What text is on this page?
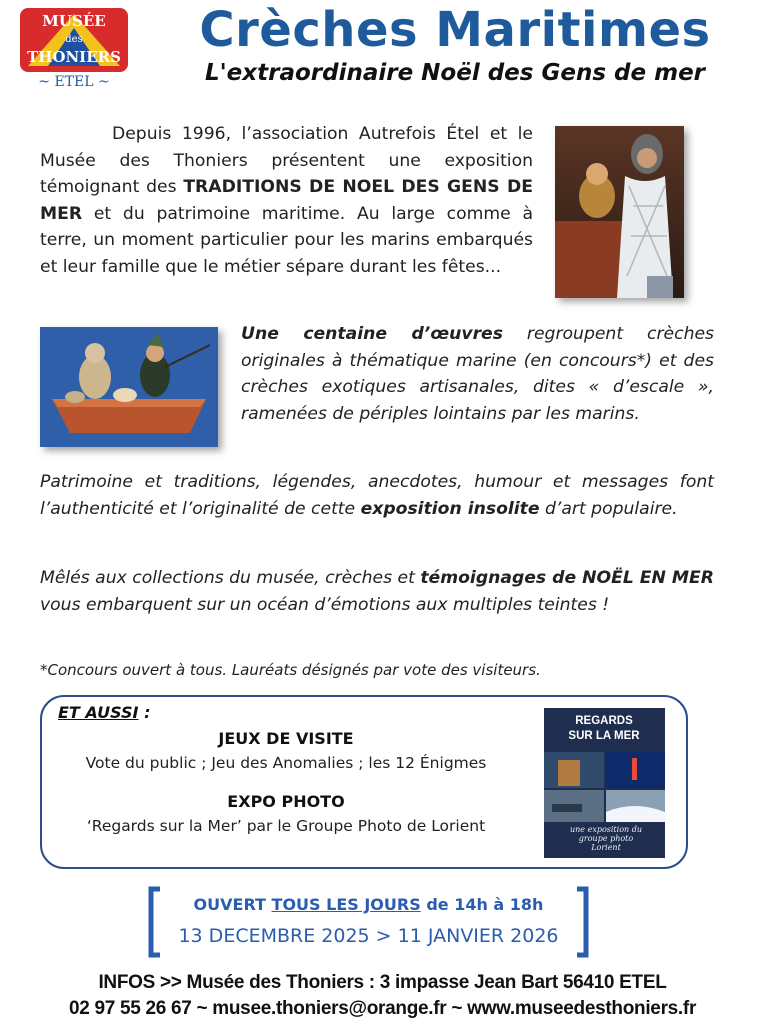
MUSÉE
des
THONIERS
~ ETEL ~
Crèches Maritimes
L'extraordinaire Noël des Gens de mer
Depuis 1996, l’association Autrefois Étel et le Musée des Thoniers présentent une exposition témoignant des TRADITIONS DE NOEL DES GENS DE MER et du patrimoine maritime. Au large comme à terre, un moment particulier pour les marins embarqués et leur famille que le métier sépare durant les fêtes...
Une centaine d’œuvres regroupent crèches originales à thématique marine (en concours*) et des crèches exotiques artisanales, dites « d’escale », ramenées de périples lointains par les marins.
Patrimoine et traditions, légendes, anecdotes, humour et messages font l’authenticité et l’originalité de cette exposition insolite d’art populaire.
Mêlés aux collections du musée, crèches et témoignages de NOËL EN MER vous embarquent sur un océan d’émotions aux multiples teintes !
*Concours ouvert à tous. Lauréats désignés par vote des visiteurs.
ET AUSSI :
JEUX DE VISITE
Vote du public ; Jeu des Anomalies ; les 12 Énigmes
EXPO PHOTO
‘Regards sur la Mer’ par le Groupe Photo de Lorient
REGARDS
SUR LA MER
une exposition du
groupe photo
Lorient
OUVERT TOUS LES JOURS de 14h à 18h
13 DECEMBRE 2025 > 11 JANVIER 2026
INFOS >> Musée des Thoniers : 3 impasse Jean Bart 56410 ETEL
02 97 55 26 67 ~ musee.thoniers@orange.fr ~ www.museedesthoniers.fr
